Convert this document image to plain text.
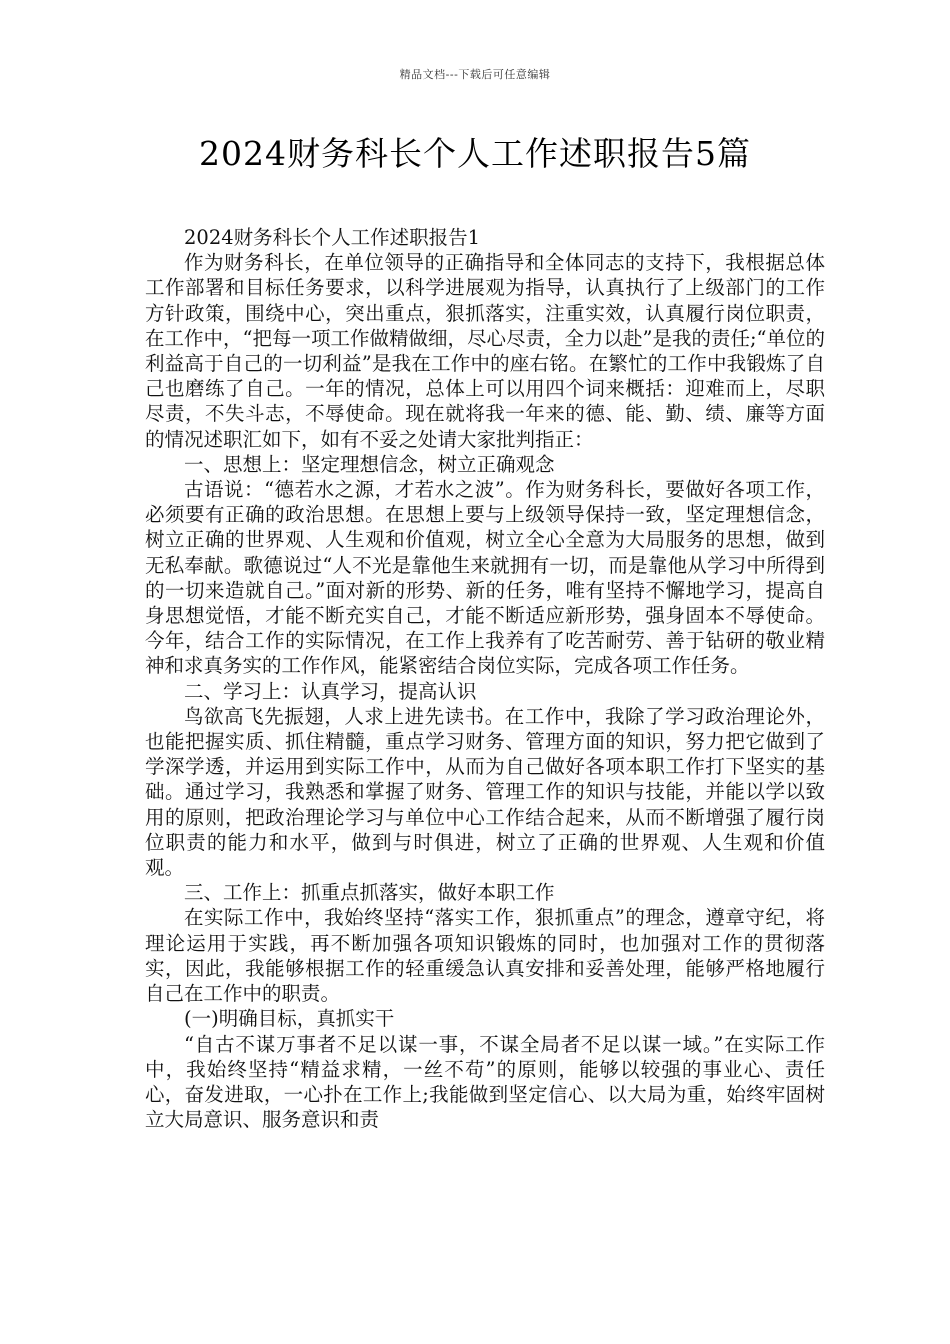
精品文档---下载后可任意编辑
2024财务科长个人工作述职报告5篇

2024财务科长个人工作述职报告1

作为财务科长，在单位领导的正确指导和全体同志的支持下，我根据总体工作部署和目标任务要求，以科学进展观为指导，认真执行了上级部门的工作方针政策，围绕中心，突出重点，狠抓落实，注重实效，认真履行岗位职责，在工作中，“把每一项工作做精做细，尽心尽责，全力以赴”是我的责任;“单位的利益高于自己的一切利益”是我在工作中的座右铭。在繁忙的工作中我锻炼了自己也磨练了自己。一年的情况，总体上可以用四个词来概括：迎难而上，尽职尽责，不失斗志，不辱使命。现在就将我一年来的德、能、勤、绩、廉等方面的情况述职汇如下，如有不妥之处请大家批判指正：

一、思想上：坚定理想信念，树立正确观念

古语说：“德若水之源，才若水之波”。作为财务科长，要做好各项工作，必须要有正确的政治思想。在思想上要与上级领导保持一致，坚定理想信念，树立正确的世界观、人生观和价值观，树立全心全意为大局服务的思想，做到无私奉献。歌德说过“人不光是靠他生来就拥有一切，而是靠他从学习中所得到的一切来造就自己。”面对新的形势、新的任务，唯有坚持不懈地学习，提高自身思想觉悟，才能不断充实自己，才能不断适应新形势，强身固本不辱使命。今年，结合工作的实际情况，在工作上我养有了吃苦耐劳、善于钻研的敬业精神和求真务实的工作作风，能紧密结合岗位实际，完成各项工作任务。

二、学习上：认真学习，提高认识

鸟欲高飞先振翅，人求上进先读书。在工作中，我除了学习政治理论外，也能把握实质、抓住精髓，重点学习财务、管理方面的知识，努力把它做到了学深学透，并运用到实际工作中，从而为自己做好各项本职工作打下坚实的基础。通过学习，我熟悉和掌握了财务、管理工作的知识与技能，并能以学以致用的原则，把政治理论学习与单位中心工作结合起来，从而不断增强了履行岗位职责的能力和水平，做到与时俱进，树立了正确的世界观、人生观和价值观。

三、工作上：抓重点抓落实，做好本职工作

在实际工作中，我始终坚持“落实工作，狠抓重点”的理念，遵章守纪，将理论运用于实践，再不断加强各项知识锻炼的同时，也加强对工作的贯彻落实，因此，我能够根据工作的轻重缓急认真安排和妥善处理，能够严格地履行自己在工作中的职责。

(一)明确目标，真抓实干

“自古不谋万事者不足以谋一事，不谋全局者不足以谋一域。”在实际工作中，我始终坚持“精益求精，一丝不苟”的原则，能够以较强的事业心、责任心，奋发进取，一心扑在工作上;我能做到坚定信心、以大局为重，始终牢固树立大局意识、服务意识和责
